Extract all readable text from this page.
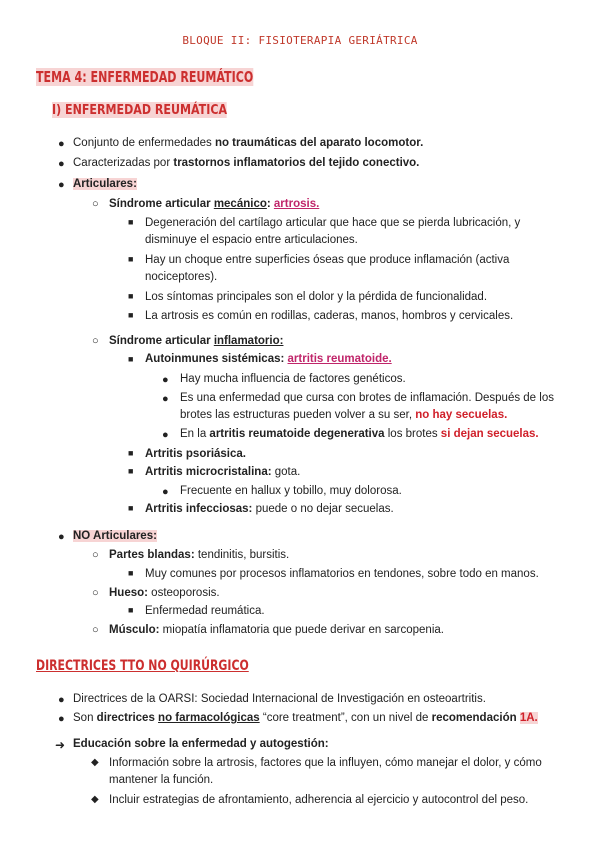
BLOQUE II: FISIOTERAPIA GERIÁTRICA
TEMA 4: ENFERMEDAD REUMÁTICO
I) ENFERMEDAD REUMÁTICA
● Conjunto de enfermedades no traumáticas del aparato locomotor.
● Caracterizadas por trastornos inflamatorios del tejido conectivo.
● Articulares:
○ Síndrome articular mecánico: artrosis.
■ Degeneración del cartílago articular que hace que se pierda lubricación, y
disminuye el espacio entre articulaciones.
■ Hay un choque entre superficies óseas que produce inflamación (activa
nociceptores).
■ Los síntomas principales son el dolor y la pérdida de funcionalidad.
■ La artrosis es común en rodillas, caderas, manos, hombros y cervicales.
○ Síndrome articular inflamatorio:
■ Autoinmunes sistémicas: artritis reumatoide.
● Hay mucha influencia de factores genéticos.
● Es una enfermedad que cursa con brotes de inflamación. Después de los
brotes las estructuras pueden volver a su ser, no hay secuelas.
● En la artritis reumatoide degenerativa los brotes si dejan secuelas.
■ Artritis psoriásica.
■ Artritis microcristalina: gota.
● Frecuente en hallux y tobillo, muy dolorosa.
■ Artritis infecciosas: puede o no dejar secuelas.
● NO Articulares:
○ Partes blandas: tendinitis, bursitis.
■ Muy comunes por procesos inflamatorios en tendones, sobre todo en manos.
○ Hueso: osteoporosis.
■ Enfermedad reumática.
○ Músculo: miopatía inflamatoria que puede derivar en sarcopenia.
DIRECTRICES TTO NO QUIRÚRGICO
● Directrices de la OARSI: Sociedad Internacional de Investigación en osteoartritis.
● Son directrices no farmacológicas “core treatment”, con un nivel de recomendación 1A.
➜ Educación sobre la enfermedad y autogestión:
◆ Información sobre la artrosis, factores que la influyen, cómo manejar el dolor, y cómo
mantener la función.
◆ Incluir estrategias de afrontamiento, adherencia al ejercicio y autocontrol del peso.
